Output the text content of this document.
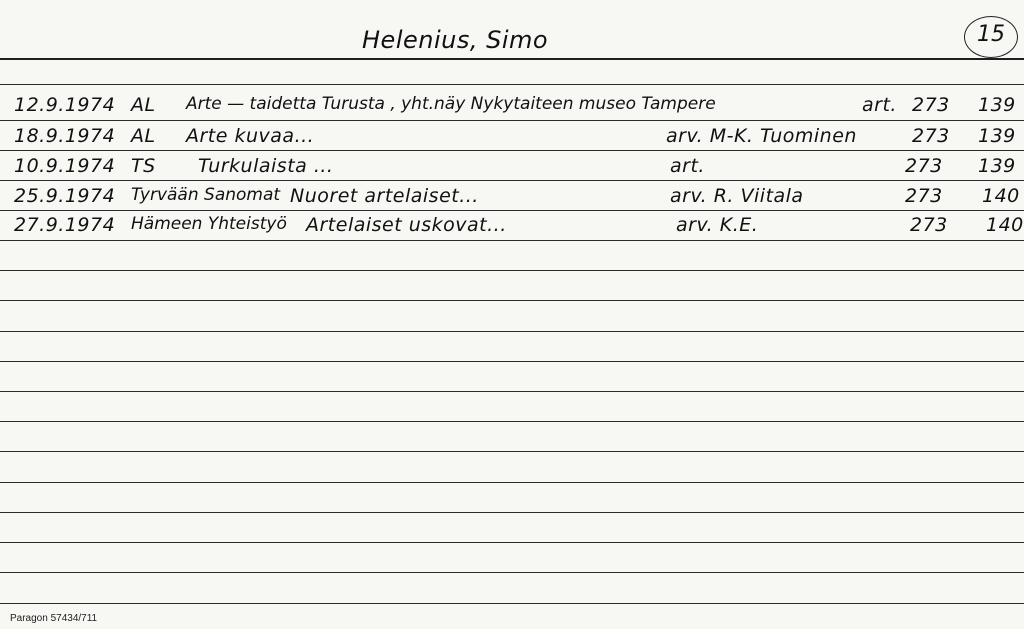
Helenius, Simo	15
12.9.1974 AL Arte — taidetta Turusta , yht.näy Nykytaiteen museo Tampere	art. 273 139
18.9.1974 AL Arte kuvaa...	arv. M-K. Tuominen	273 139
10.9.1974 TS Turkulaista ...	art.	273 139
25.9.1974 Tyrvään Sanomat Nuoret artelaiset...	arv. R. Viitala	273 140
27.9.1974 Hämeen Yhteistyö Artelaiset uskovat...	arv. K.E.	273 140
Paragon 57434/711
